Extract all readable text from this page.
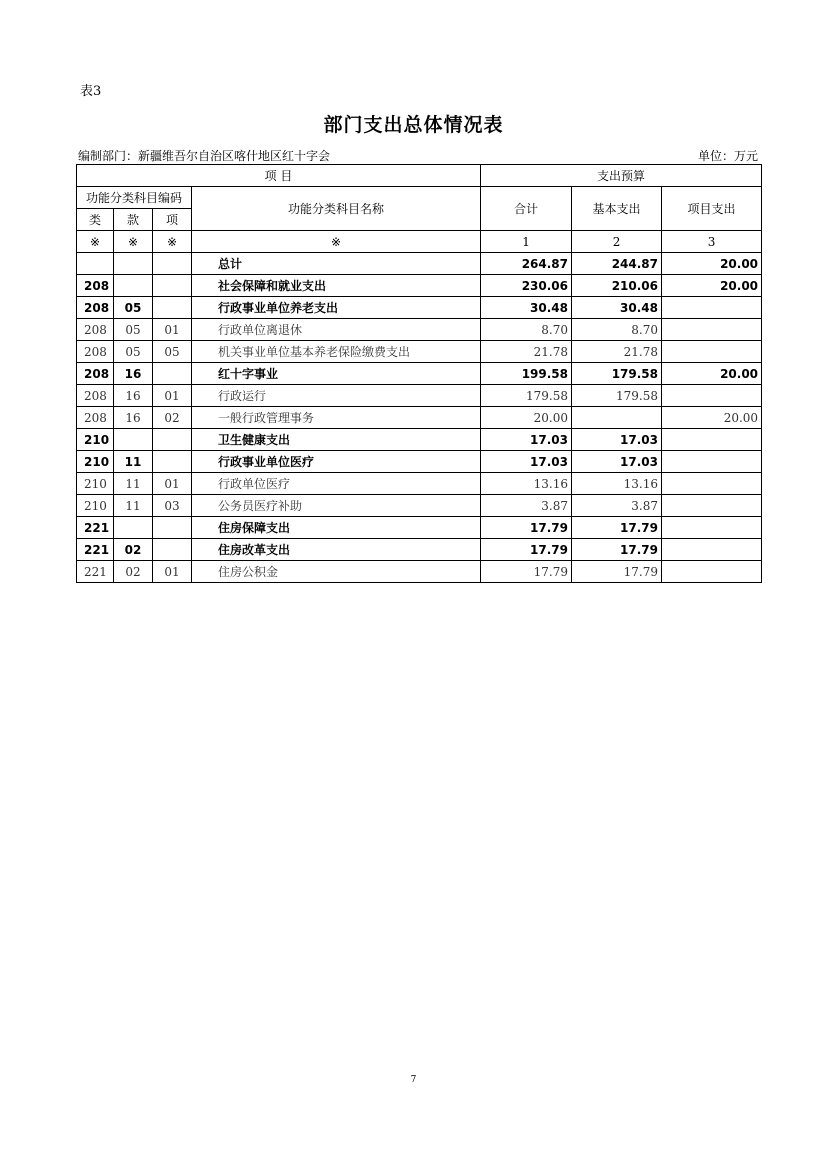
表3
部门支出总体情况表
编制部门：新疆维吾尔自治区喀什地区红十字会	单位：万元
项 目				支出预算		
功能分类科目编码			功能分类科目名称	合计	基本支出	项目支出
类	款	项				
※	※	※	※	1	2	3
			总计	264.87	244.87	20.00
208			社会保障和就业支出	230.06	210.06	20.00
208	05		行政事业单位养老支出	30.48	30.48	
208	05	01	行政单位离退休	8.70	8.70	
208	05	05	机关事业单位基本养老保险缴费支出	21.78	21.78	
208	16		红十字事业	199.58	179.58	20.00
208	16	01	行政运行	179.58	179.58	
208	16	02	一般行政管理事务	20.00		20.00
210			卫生健康支出	17.03	17.03	
210	11		行政事业单位医疗	17.03	17.03	
210	11	01	行政单位医疗	13.16	13.16	
210	11	03	公务员医疗补助	3.87	3.87	
221			住房保障支出	17.79	17.79	
221	02		住房改革支出	17.79	17.79	
221	02	01	住房公积金	17.79	17.79	
7
